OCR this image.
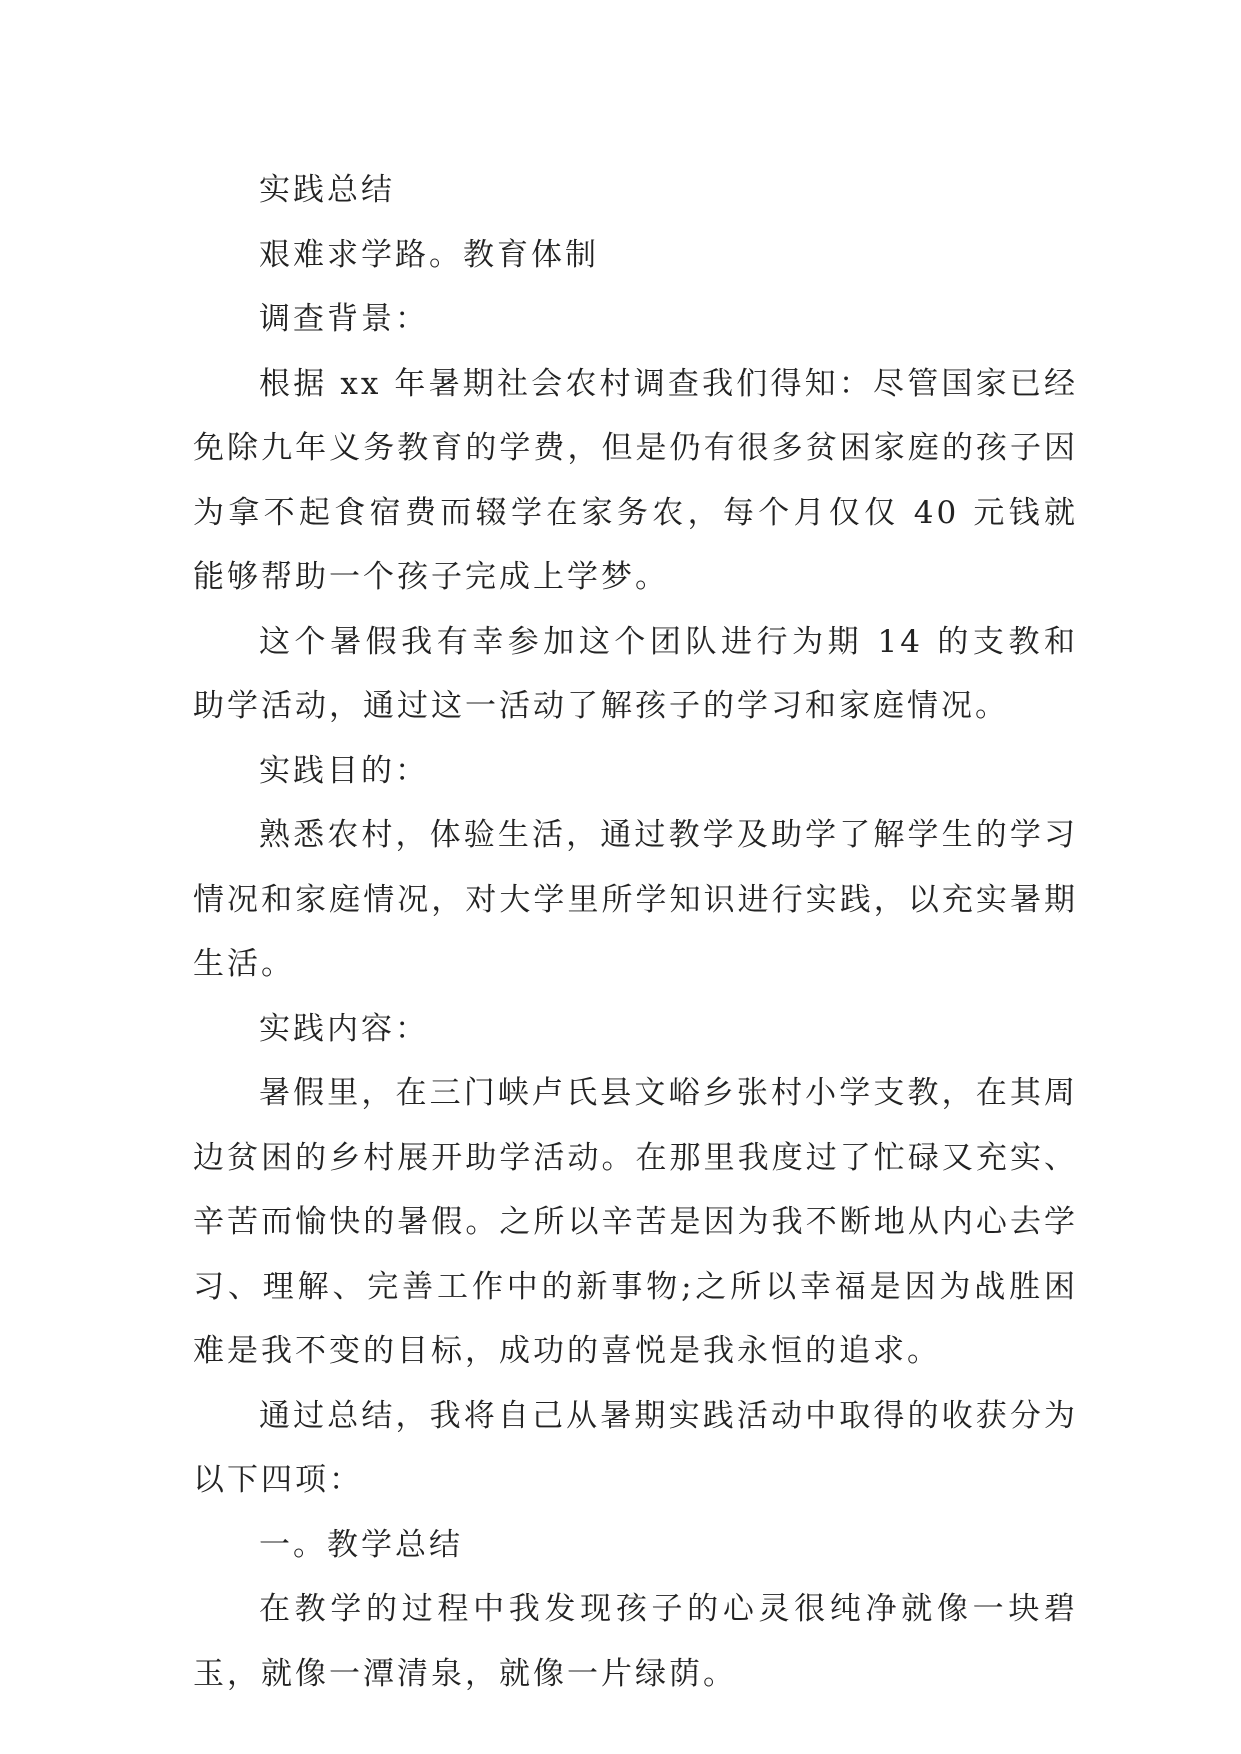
实践总结

艰难求学路。教育体制

调查背景：

根据 xx 年暑期社会农村调查我们得知：尽管国家已经免除九年义务教育的学费，但是仍有很多贫困家庭的孩子因为拿不起食宿费而辍学在家务农，每个月仅仅 40 元钱就能够帮助一个孩子完成上学梦。

这个暑假我有幸参加这个团队进行为期 14 的支教和助学活动，通过这一活动了解孩子的学习和家庭情况。

实践目的：

熟悉农村，体验生活，通过教学及助学了解学生的学习情况和家庭情况，对大学里所学知识进行实践，以充实暑期生活。

实践内容：

暑假里，在三门峡卢氏县文峪乡张村小学支教，在其周边贫困的乡村展开助学活动。在那里我度过了忙碌又充实、辛苦而愉快的暑假。之所以辛苦是因为我不断地从内心去学习、理解、完善工作中的新事物;之所以幸福是因为战胜困难是我不变的目标，成功的喜悦是我永恒的追求。

通过总结，我将自己从暑期实践活动中取得的收获分为以下四项：

一。教学总结

在教学的过程中我发现孩子的心灵很纯净就像一块碧玉，就像一潭清泉，就像一片绿荫。
